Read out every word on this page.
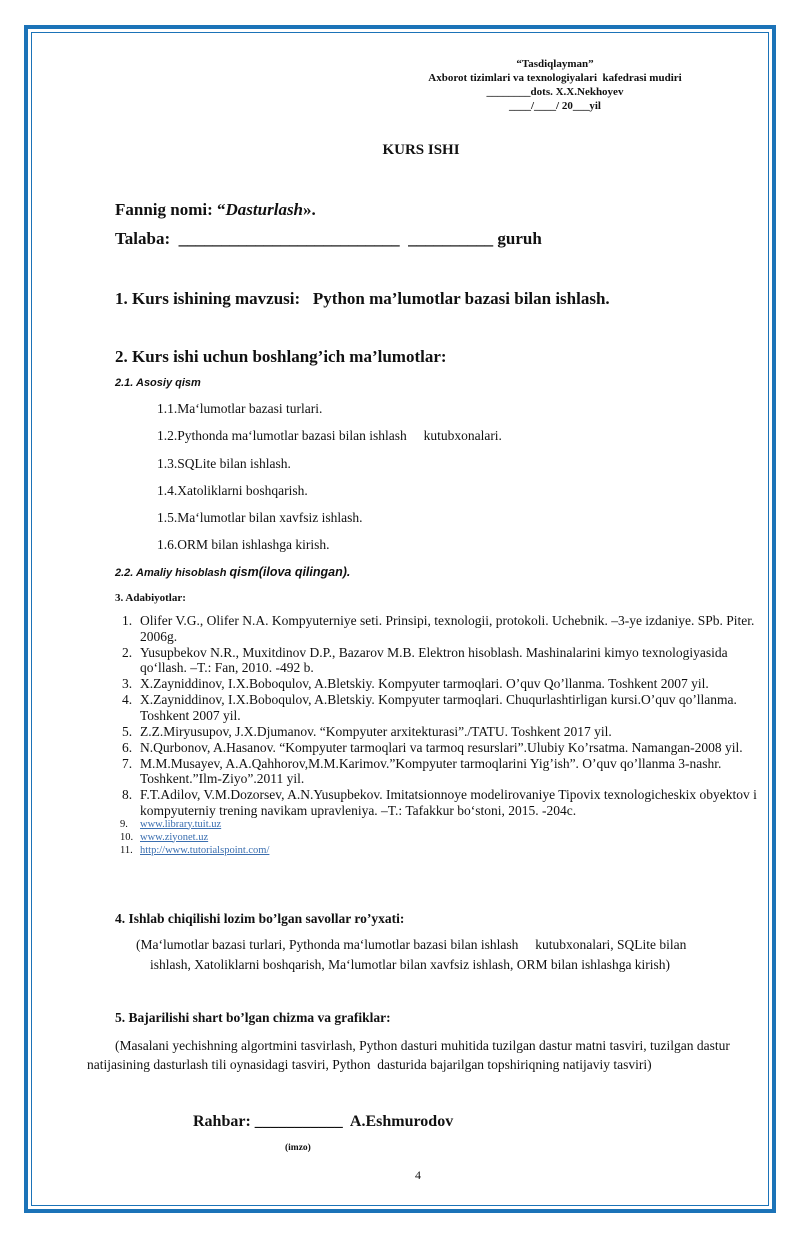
“Tasdiqlayman”
Axborot tizimlari va texnologiyalari  kafedrasi mudiri
________dots. X.X.Nekhoyev
____/____/ 20___yil
KURS ISHI
Fannig nomi: “Dasturlash».
Talaba: __________________________ __________ guruh
1. Kurs ishining mavzusi: Python ma’lumotlar bazasi bilan ishlash.
2. Kurs ishi uchun boshlang’ich ma’lumotlar:
2.1. Asosiy qism
1.1.Ma‘lumotlar bazasi turlari.
1.2.Pythonda ma‘lumotlar bazasi bilan ishlash     kutubxonalari.
1.3.SQLite bilan ishlash.
1.4.Xatoliklarni boshqarish.
1.5.Ma‘lumotlar bilan xavfsiz ishlash.
1.6.ORM bilan ishlashga kirish.
2.2. Amaliy hisoblash qism(ilova qilingan).
3. Adabiyotlar:
1. Olifer V.G., Olifer N.A. Kompyuterniye seti. Prinsipi, texnologii, protokoli. Uchebnik. –3-ye izdaniye. SPb. Piter. 2006g.
2. Yusupbekov N.R., Muxitdinov D.P., Bazarov M.B. Elektron hisoblash. Mashinalarini kimyo texnologiyasida qo‘llash. –T.: Fan, 2010. -492 b.
3. X.Zayniddinov, I.X.Boboqulov, A.Bletskiy. Kompyuter tarmoqlari. O’quv Qo’llanma. Toshkent 2007 yil.
4. X.Zayniddinov, I.X.Boboqulov, A.Bletskiy. Kompyuter tarmoqlari. Chuqurlashtirligan kursi.O’quv qo’llanma. Toshkent 2007 yil.
5. Z.Z.Miryusupov, J.X.Djumanov. “Kompyuter arxitekturasi”./TATU. Toshkent 2017 yil.
6. N.Qurbonov, A.Hasanov. “Kompyuter tarmoqlari va tarmoq resurslari”.Ulubiy Ko’rsatma. Namangan-2008 yil.
7. M.M.Musayev, A.A.Qahhorov,M.M.Karimov.”Kompyuter tarmoqlarini Yig’ish”. O’quv qo’llanma 3-nashr. Toshkent.”Ilm-Ziyo”.2011 yil.
8. F.T.Adilov, V.M.Dozorsev, A.N.Yusupbekov. Imitatsionnoye modelirovaniye Tipovix texnologicheskix obyektov i kompyuterniy trening navikam upravleniya. –T.: Tafakkur bo‘stoni, 2015. -204c.
9. www.library.tuit.uz
10. www.ziyonet.uz
11. http://www.tutorialspoint.com/
4. Ishlab chiqilishi lozim bo’lgan savollar ro’yxati:
(Ma‘lumotlar bazasi turlari, Pythonda ma‘lumotlar bazasi bilan ishlash     kutubxonalari, SQLite bilan
ishlash, Xatoliklarni boshqarish, Ma‘lumotlar bilan xavfsiz ishlash, ORM bilan ishlashga kirish)
5. Bajarilishi shart bo’lgan chizma va grafiklar:
(Masalani yechishning algortmini tasvirlash, Python dasturi muhitida tuzilgan dastur matni tasviri, tuzilgan dastur
natijasining dasturlash tili oynasidagi tasviri, Python  dasturida bajarilgan topshiriqning natijaviy tasviri)
Rahbar: ___________ A.Eshmurodov
(imzo)
4
